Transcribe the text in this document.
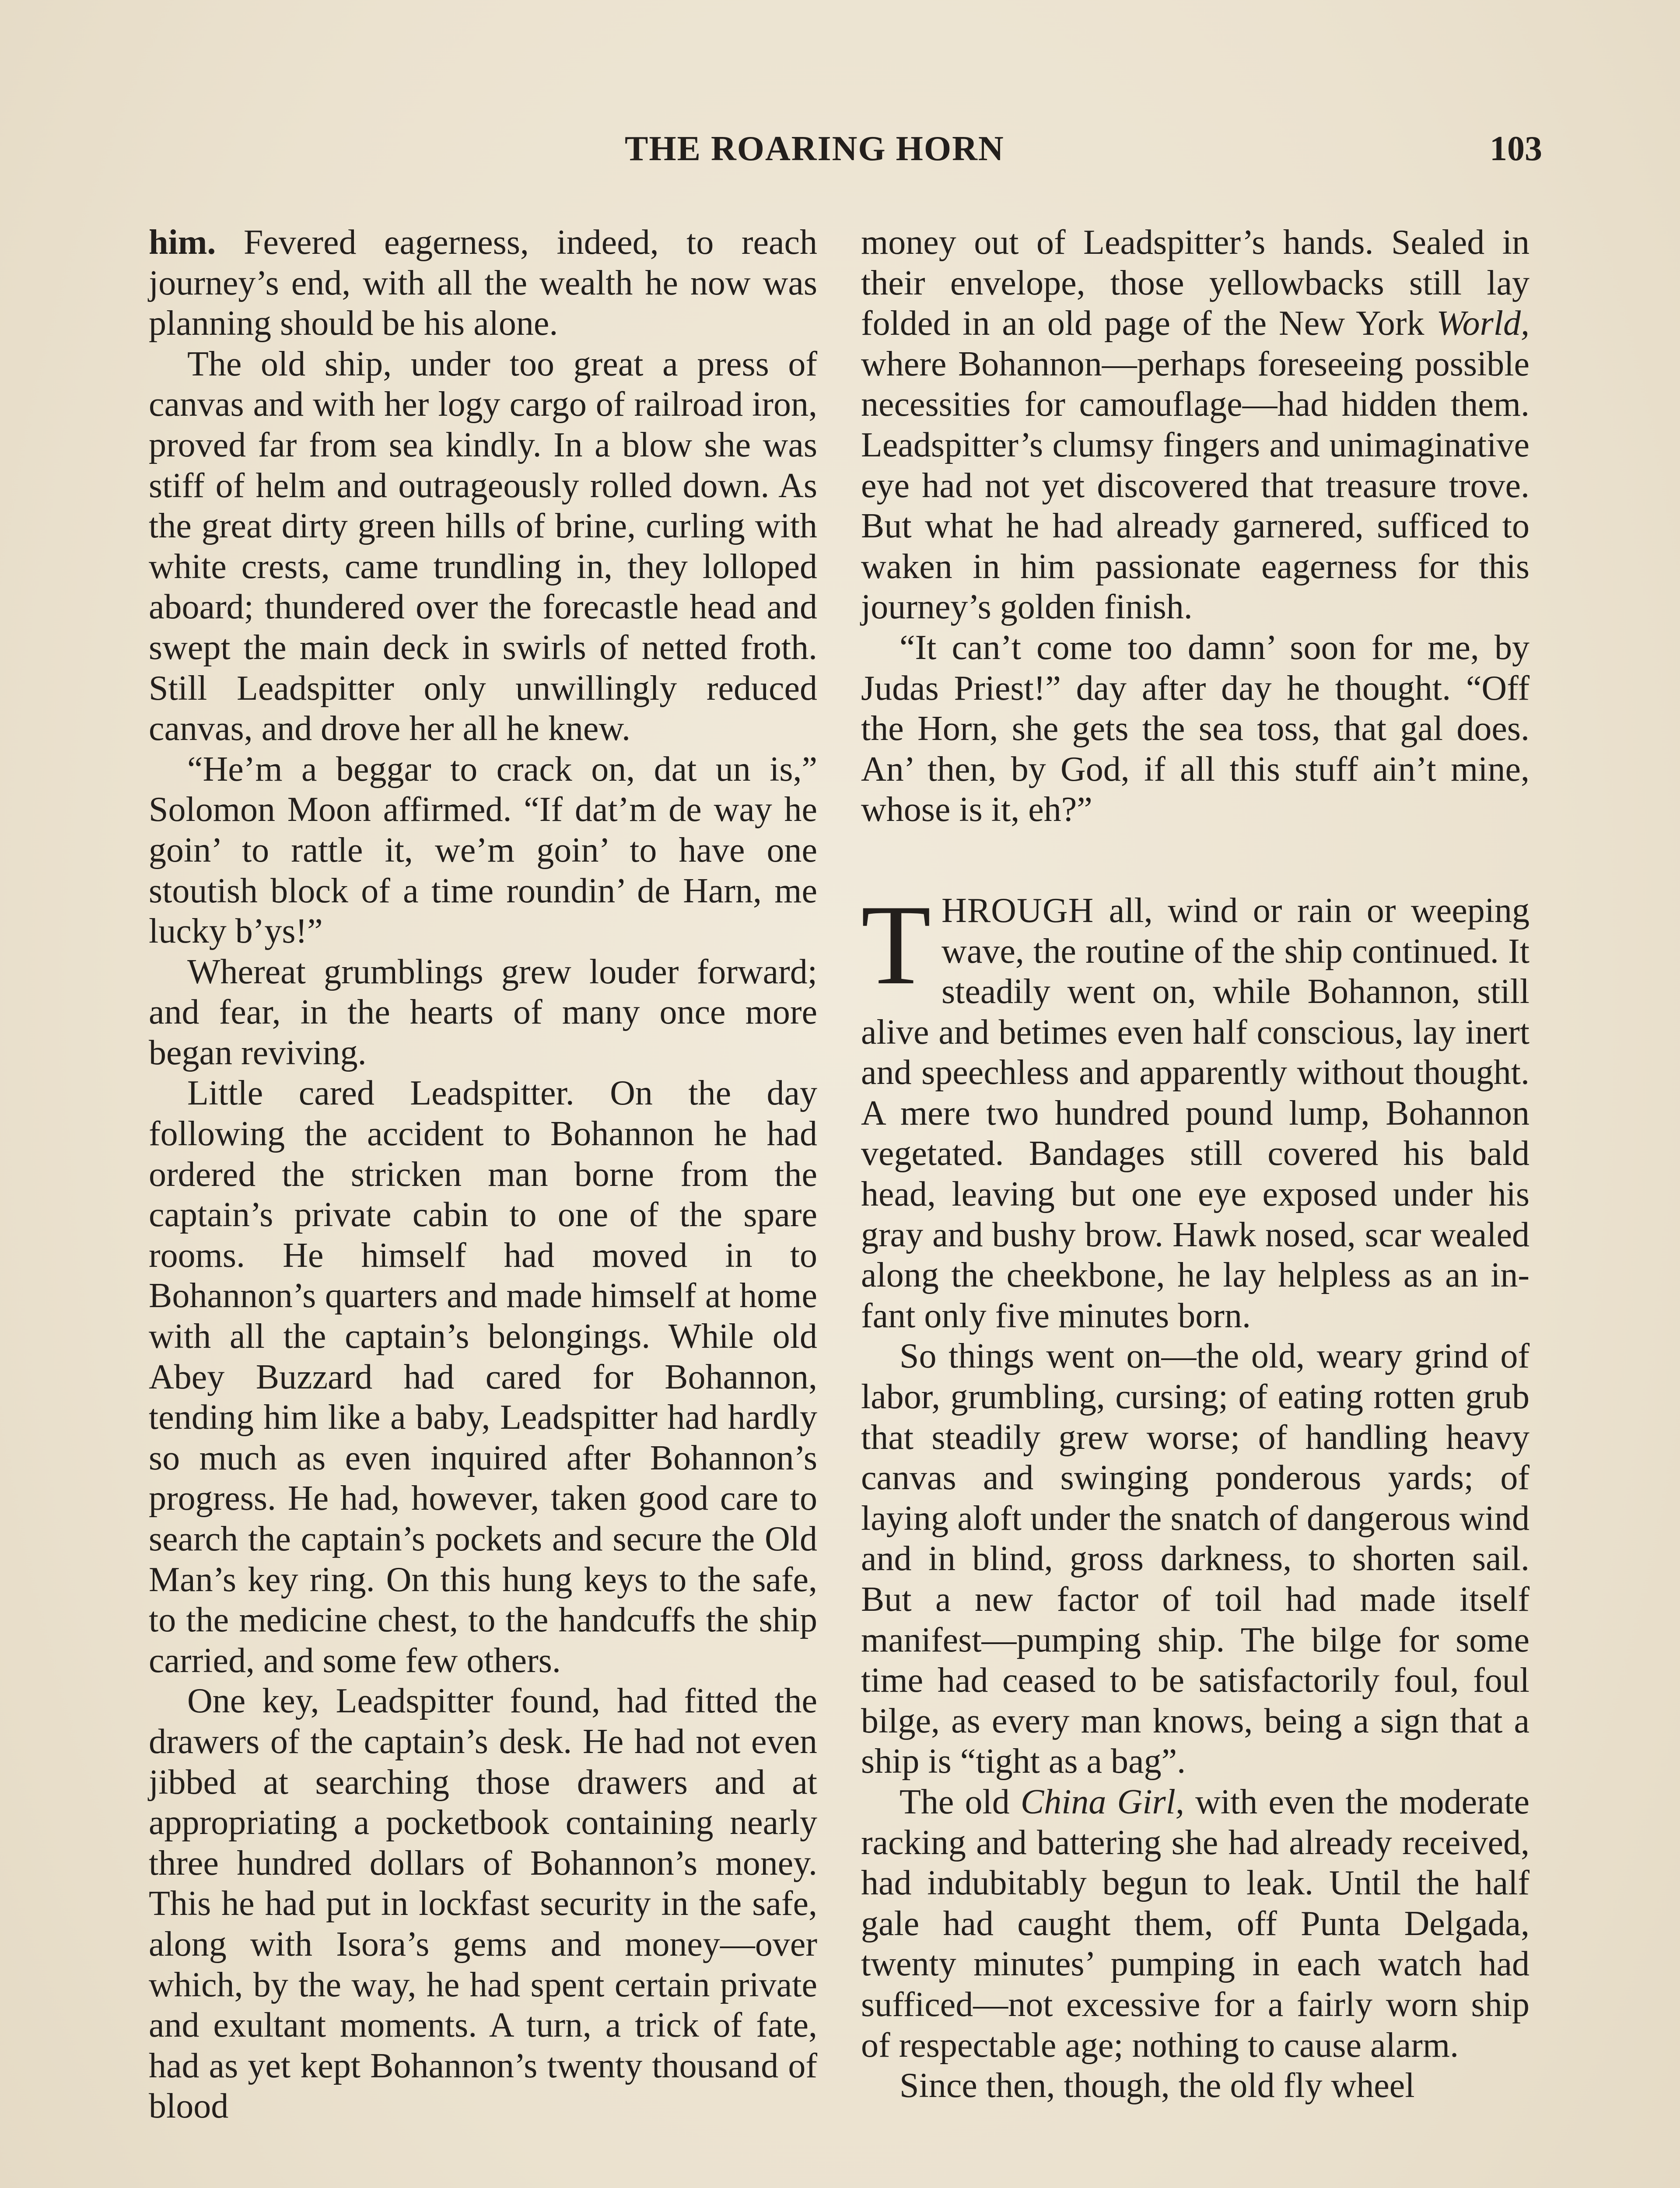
THE ROARING HORN	103

him. Fevered eagerness, indeed, to reach journey’s end, with all the wealth he now was planning should be his alone.

The old ship, under too great a press of canvas and with her logy cargo of railroad iron, proved far from sea kindly. In a blow she was stiff of helm and outrageously rolled down. As the great dirty green hills of brine, curling with white crests, came trundling in, they lolloped aboard; thundered over the forecastle head and swept the main deck in swirls of netted froth. Still Leadspitter only unwillingly reduced canvas, and drove her all he knew.

“He’m a beggar to crack on, dat un is,” Solomon Moon affirmed. “If dat’m de way he goin’ to rattle it, we’m goin’ to have one stoutish block of a time roundin’ de Harn, me lucky b’ys!”

Whereat grumblings grew louder forward; and fear, in the hearts of many once more began reviving.

Little cared Leadspitter. On the day following the accident to Bohannon he had ordered the stricken man borne from the captain’s private cabin to one of the spare rooms. He himself had moved in to Bohannon’s quarters and made himself at home with all the captain’s belongings. While old Abey Buzzard had cared for Bohannon, tending him like a baby, Leadspitter had hardly so much as even inquired after Bohannon’s progress. He had, however, taken good care to search the captain’s pockets and secure the Old Man’s key ring. On this hung keys to the safe, to the medicine chest, to the handcuffs the ship carried, and some few others.

One key, Leadspitter found, had fitted the drawers of the captain’s desk. He had not even jibbed at searching those drawers and at appropriating a pocketbook containing nearly three hundred dollars of Bohannon’s money. This he had put in lockfast security in the safe, along with Isora’s gems and money—over which, by the way, he had spent certain private and exultant moments. A turn, a trick of fate, had as yet kept Bohannon’s twenty thousand of blood

money out of Leadspitter’s hands. Sealed in their envelope, those yellowbacks still lay folded in an old page of the New York World, where Bohannon—perhaps foreseeing possible necessities for camouflage—had hidden them. Leadspitter’s clumsy fingers and unimaginative eye had not yet discovered that treasure trove. But what he had already garnered, sufficed to waken in him passionate eagerness for this journey’s golden finish.

“It can’t come too damn’ soon for me, by Judas Priest!” day after day he thought. “Off the Horn, she gets the sea toss, that gal does. An’ then, by God, if all this stuff ain’t mine, whose is it, eh?”

THROUGH all, wind or rain or weeping wave, the routine of the ship continued. It steadily went on, while Bohannon, still alive and betimes even half conscious, lay inert and speechless and apparently without thought. A mere two hundred pound lump, Bohannon vegetated. Bandages still covered his bald head, leaving but one eye exposed under his gray and bushy brow. Hawk nosed, scar wealed along the cheekbone, he lay helpless as an infant only five minutes born.

So things went on—the old, weary grind of labor, grumbling, cursing; of eating rotten grub that steadily grew worse; of handling heavy canvas and swinging ponderous yards; of laying aloft under the snatch of dangerous wind and in blind, gross darkness, to shorten sail. But a new factor of toil had made itself manifest—pumping ship. The bilge for some time had ceased to be satisfactorily foul, foul bilge, as every man knows, being a sign that a ship is “tight as a bag”.

The old China Girl, with even the moderate racking and battering she had already received, had indubitably begun to leak. Until the half gale had caught them, off Punta Delgada, twenty minutes’ pumping in each watch had sufficed—not excessive for a fairly worn ship of respectable age; nothing to cause alarm.

Since then, though, the old fly wheel
